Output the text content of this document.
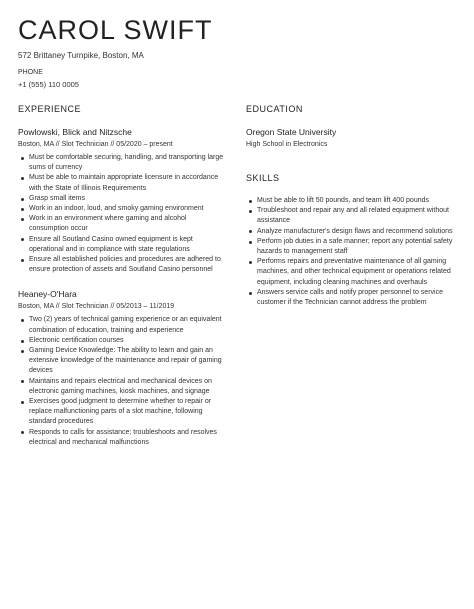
CAROL SWIFT
572 Brittaney Turnpike, Boston, MA
PHONE
+1 (555) 110 0005
EXPERIENCE
Powlowski, Blick and Nitzsche
Boston, MA // Slot Technician // 05/2020 – present
Must be comfortable securing, handling, and transporting large sums of currency
Must be able to maintain appropriate licensure in accordance with the State of Illinois Requirements
Grasp small items
Work in an indoor, loud, and smoky gaming environment
Work in an environment where gaming and alcohol consumption occur
Ensure all Soutland Casino owned equipment is kept operational and in compliance with state regulations
Ensure all established policies and procedures are adhered to ensure protection of assets and Soutland Casino personnel
Heaney-O'Hara
Boston, MA // Slot Technician // 05/2013 – 11/2019
Two (2) years of technical gaming experience or an equivalent combination of education, training and experience
Electronic certification courses
Gaming Device Knowledge: The ability to learn and gain an extensive knowledge of the maintenance and repair of gaming devices
Maintains and repairs electrical and mechanical devices on electronic gaming machines, kiosk machines, and signage
Exercises good judgment to determine whether to repair or replace malfunctioning parts of a slot machine, following standard procedures
Responds to calls for assistance; troubleshoots and resolves electrical and mechanical malfunctions
EDUCATION
Oregon State University
High School in Electronics
SKILLS
Must be able to lift 50 pounds, and team lift 400 pounds
Troubleshoot and repair any and all related equipment without assistance
Analyze manufacturer's design flaws and recommend solutions
Perform job duties in a safe manner; report any potential safety hazards to management staff
Performs repairs and preventative maintenance of all gaming machines, and other technical equipment or operations related equipment, including cleaning machines and overhauls
Answers service calls and notify proper personnel to service customer if the Technician cannot address the problem
